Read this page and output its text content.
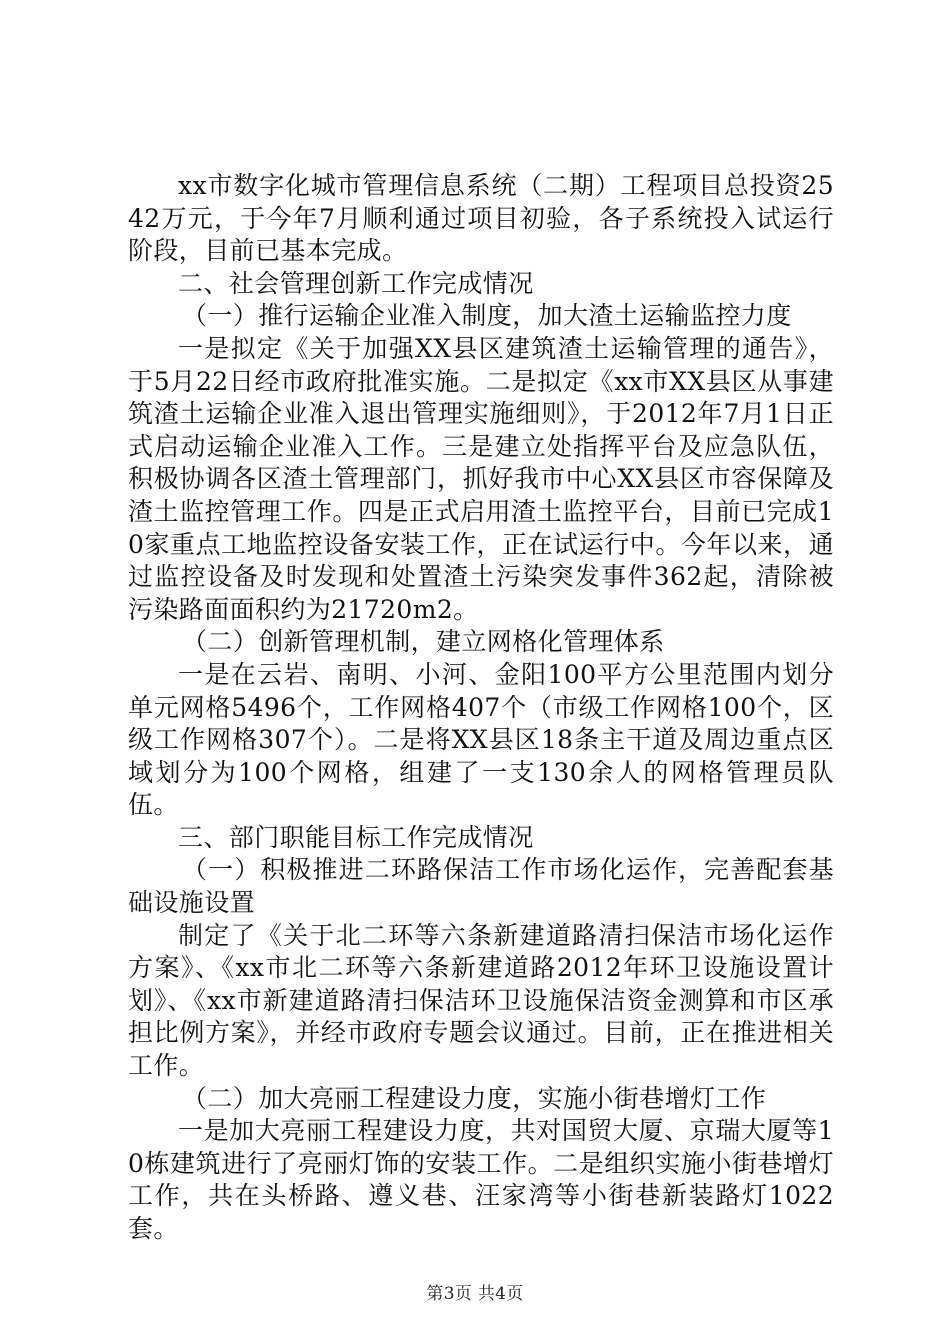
xx市数字化城市管理信息系统（二期）工程项目总投资2542万元，于今年7月顺利通过项目初验，各子系统投入试运行阶段，目前已基本完成。

二、社会管理创新工作完成情况

（一）推行运输企业准入制度，加大渣土运输监控力度

一是拟定《关于加强XX县区建筑渣土运输管理的通告》，于5月22日经市政府批准实施。二是拟定《xx市XX县区从事建筑渣土运输企业准入退出管理实施细则》，于2012年7月1日正式启动运输企业准入工作。三是建立处指挥平台及应急队伍，积极协调各区渣土管理部门，抓好我市中心XX县区市容保障及渣土监控管理工作。四是正式启用渣土监控平台，目前已完成10家重点工地监控设备安装工作，正在试运行中。今年以来，通过监控设备及时发现和处置渣土污染突发事件362起，清除被污染路面面积约为21720m2。

（二）创新管理机制，建立网格化管理体系

一是在云岩、南明、小河、金阳100平方公里范围内划分单元网格5496个，工作网格407个（市级工作网格100个，区级工作网格307个）。二是将XX县区18条主干道及周边重点区域划分为100个网格，组建了一支130余人的网格管理员队伍。

三、部门职能目标工作完成情况

（一）积极推进二环路保洁工作市场化运作，完善配套基础设施设置

制定了《关于北二环等六条新建道路清扫保洁市场化运作方案》、《xx市北二环等六条新建道路2012年环卫设施设置计划》、《xx市新建道路清扫保洁环卫设施保洁资金测算和市区承担比例方案》，并经市政府专题会议通过。目前，正在推进相关工作。

（二）加大亮丽工程建设力度，实施小街巷增灯工作

一是加大亮丽工程建设力度，共对国贸大厦、京瑞大厦等10栋建筑进行了亮丽灯饰的安装工作。二是组织实施小街巷增灯工作，共在头桥路、遵义巷、汪家湾等小街巷新装路灯1022套。

第3页 共4页
